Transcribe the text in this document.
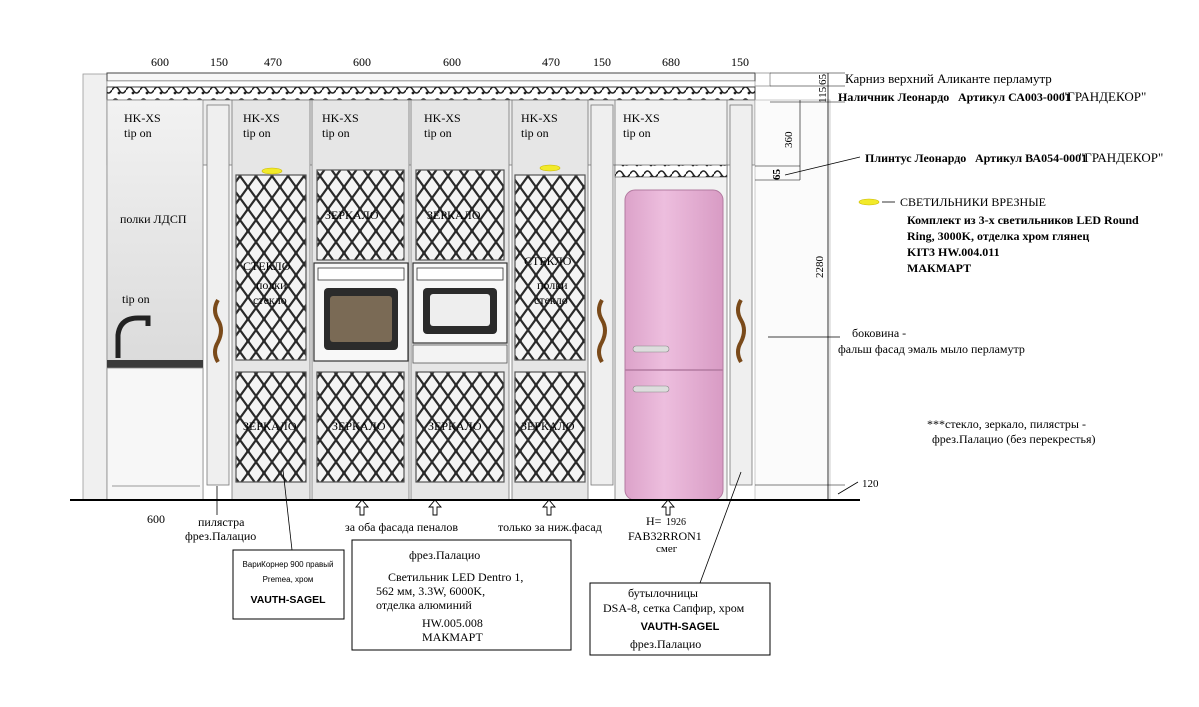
600	150	470	600	600	470	150	680	150
HK-XS
tip on
HK-XS
tip on
HK-XS
tip on
HK-XS
tip on
HK-XS
tip on
HK-XS
tip on
полки ЛДСП
tip on
СТЕКЛО
полки
стекло
ЗЕРКАЛО	ЗЕРКАЛО
СТЕКЛО
полки
стекло
ЗЕРКАЛО	ЗЕРКАЛО	ЗЕРКАЛО	ЗЕРКАЛО
65
115
360
65
2280
120
Карниз верхний Аликанте перламутр
Наличник Леонардо Артикул СА003-0001
"ГРАНДЕКОР"
Плинтус Леонардо Артикул ВА054-0001
"ГРАНДЕКОР"
СВЕТИЛЬНИКИ ВРЕЗНЫЕ
Комплект из 3-х светильников LED Round
Ring, 3000K, отделка хром глянец
KIT3 HW.004.011
МАКМАРТ
боковина -
фальш фасад эмаль мыло перламутр
***стекло, зеркало, пилястры -
фрез.Палацио (без перекрестья)
600	пилястра
фрез.Палацио
за оба фасада пеналов	только за ниж.фасад	H= 1926
FAB32RRON1
смег
ВариКорнер 900 правый
Premea, хром
VAUTH-SAGEL
фрез.Палацио
Светильник LED Dentro 1,
562 мм, 3.3W, 6000K,
отделка алюминий
HW.005.008
МАКМАРТ
бутылочницы
DSA-8, сетка Сапфир, хром
VAUTH-SAGEL
фрез.Палацио
